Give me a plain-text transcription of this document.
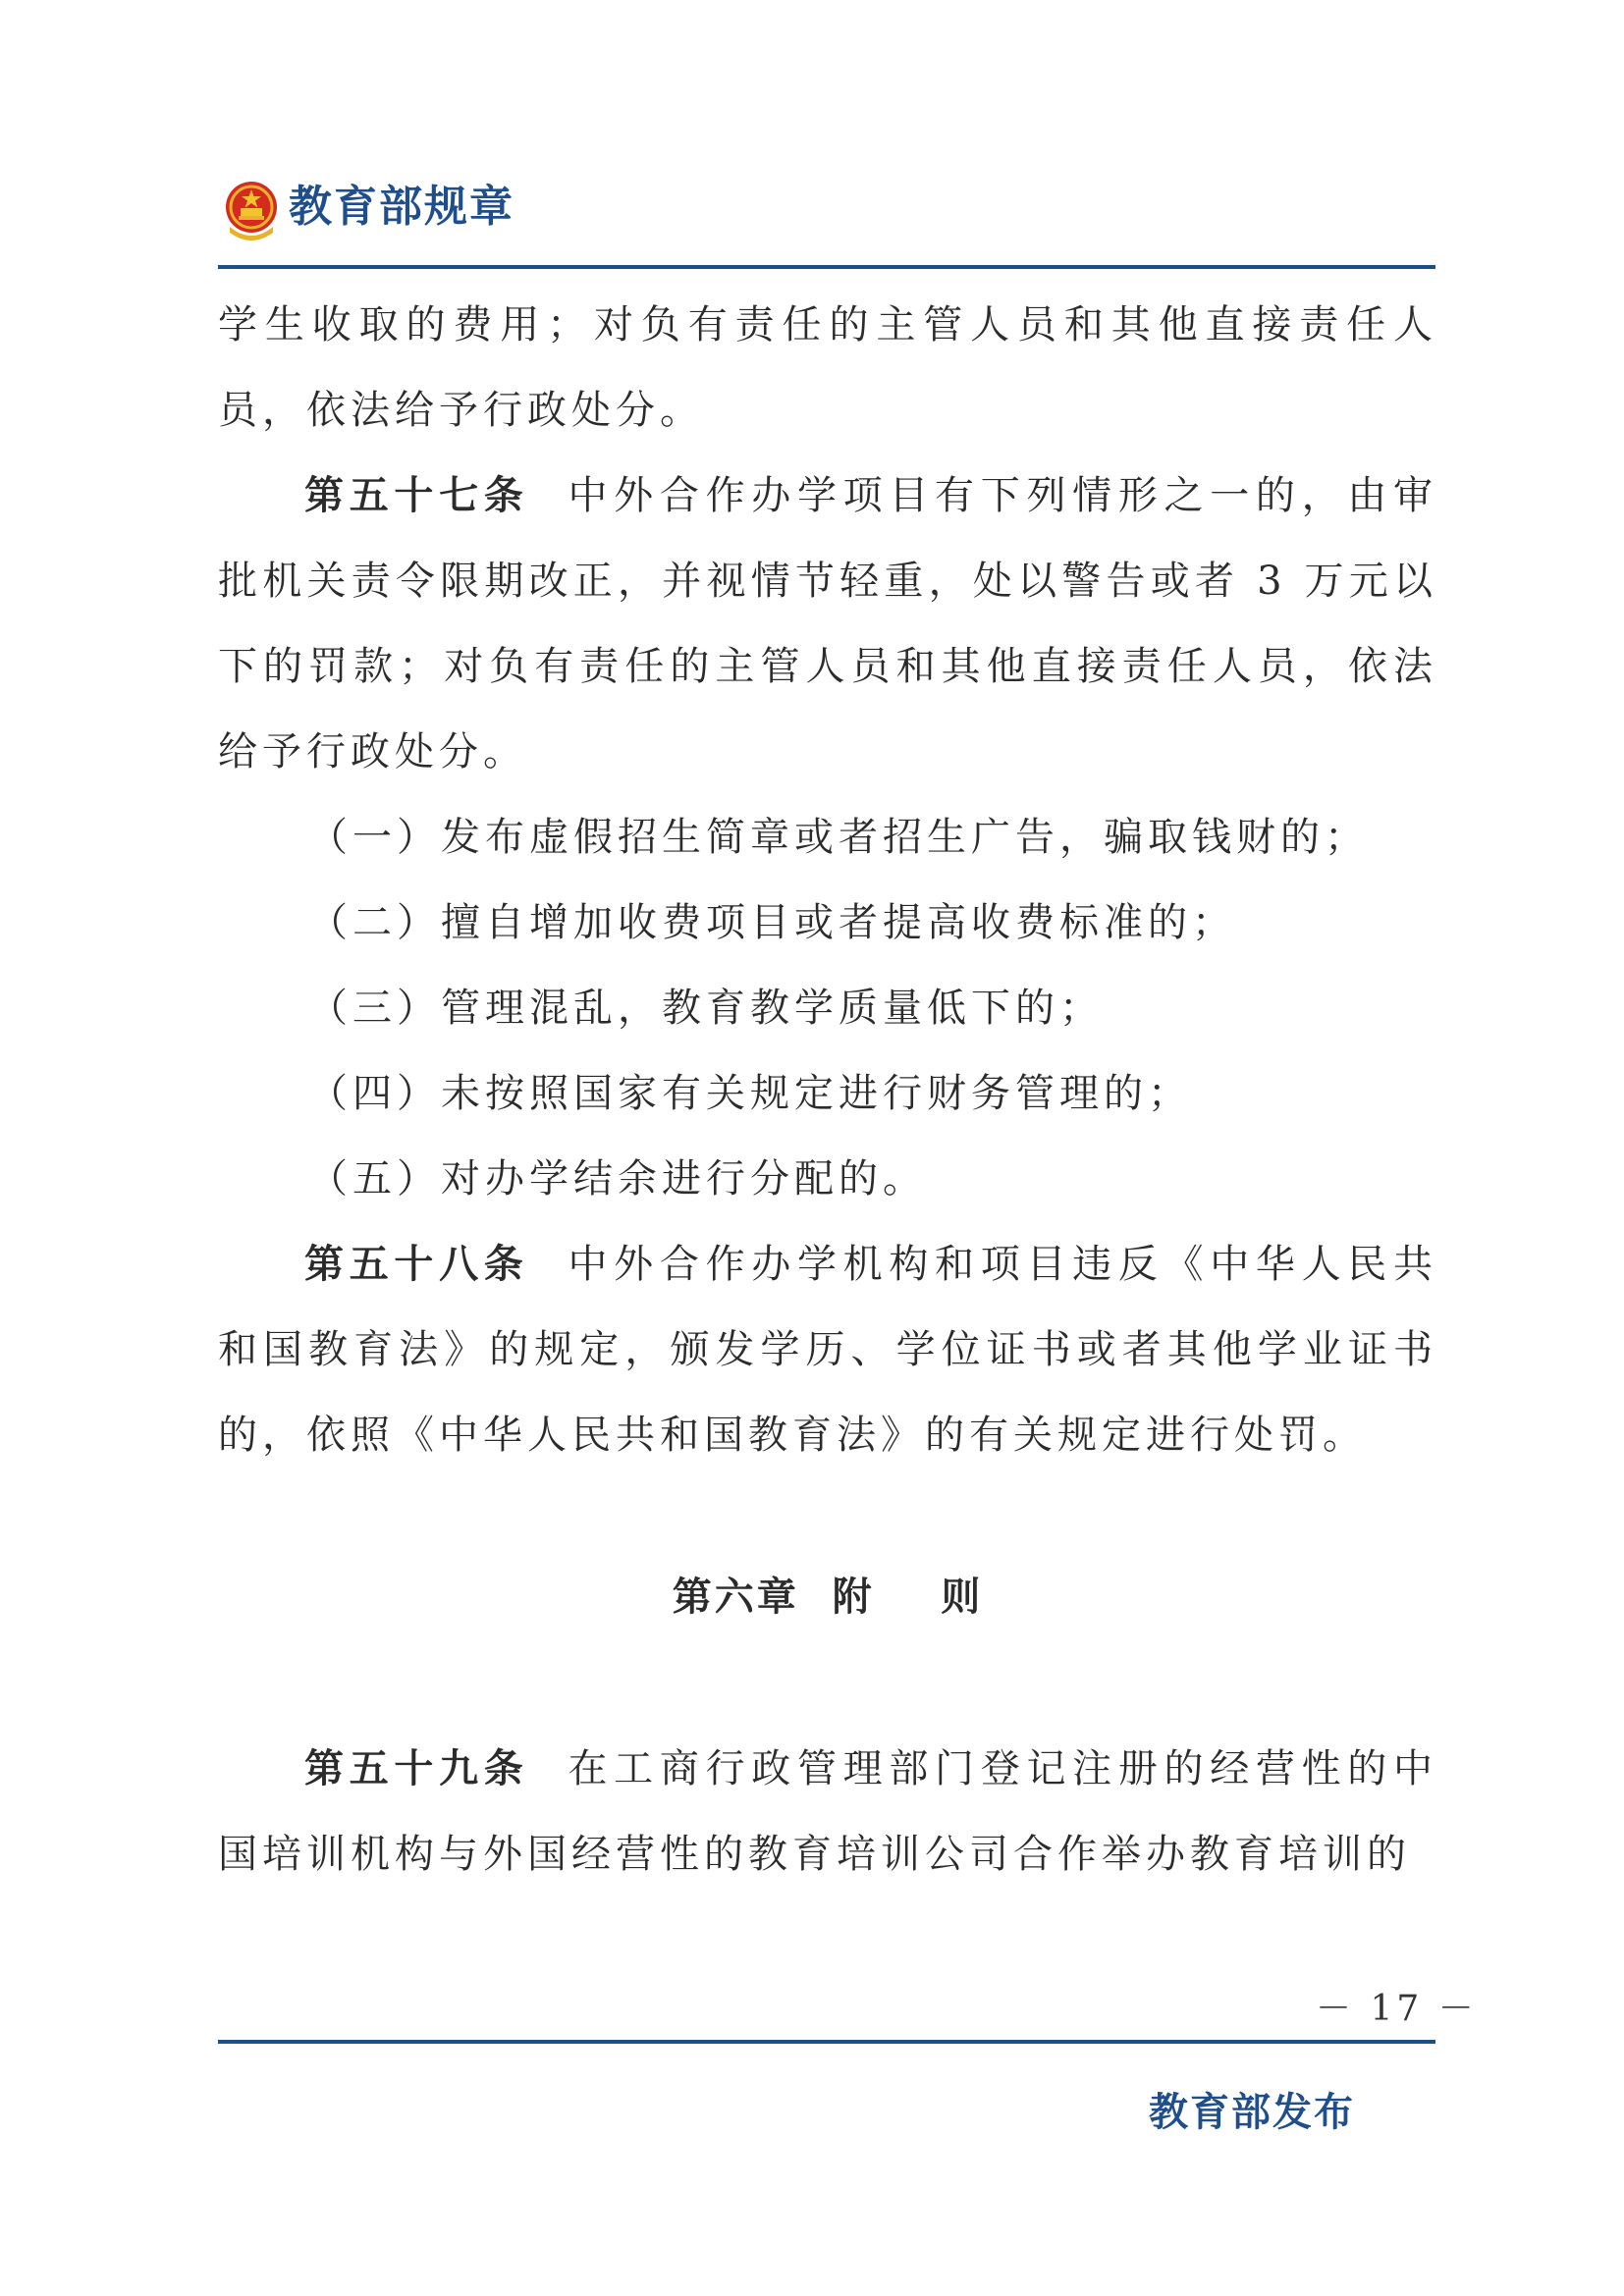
教育部规章

学生收取的费用；对负有责任的主管人员和其他直接责任人员，依法给予行政处分。

第五十七条 中外合作办学项目有下列情形之一的，由审批机关责令限期改正，并视情节轻重，处以警告或者 3 万元以下的罚款；对负有责任的主管人员和其他直接责任人员，依法给予行政处分。

（一）发布虚假招生简章或者招生广告，骗取钱财的；

（二）擅自增加收费项目或者提高收费标准的；

（三）管理混乱，教育教学质量低下的；

（四）未按照国家有关规定进行财务管理的；

（五）对办学结余进行分配的。

第五十八条 中外合作办学机构和项目违反《中华人民共和国教育法》的规定，颁发学历、学位证书或者其他学业证书的，依照《中华人民共和国教育法》的有关规定进行处罚。

第六章  附    则

第五十九条 在工商行政管理部门登记注册的经营性的中国培训机构与外国经营性的教育培训公司合作举办教育培训的

－ 17 －
教育部发布
